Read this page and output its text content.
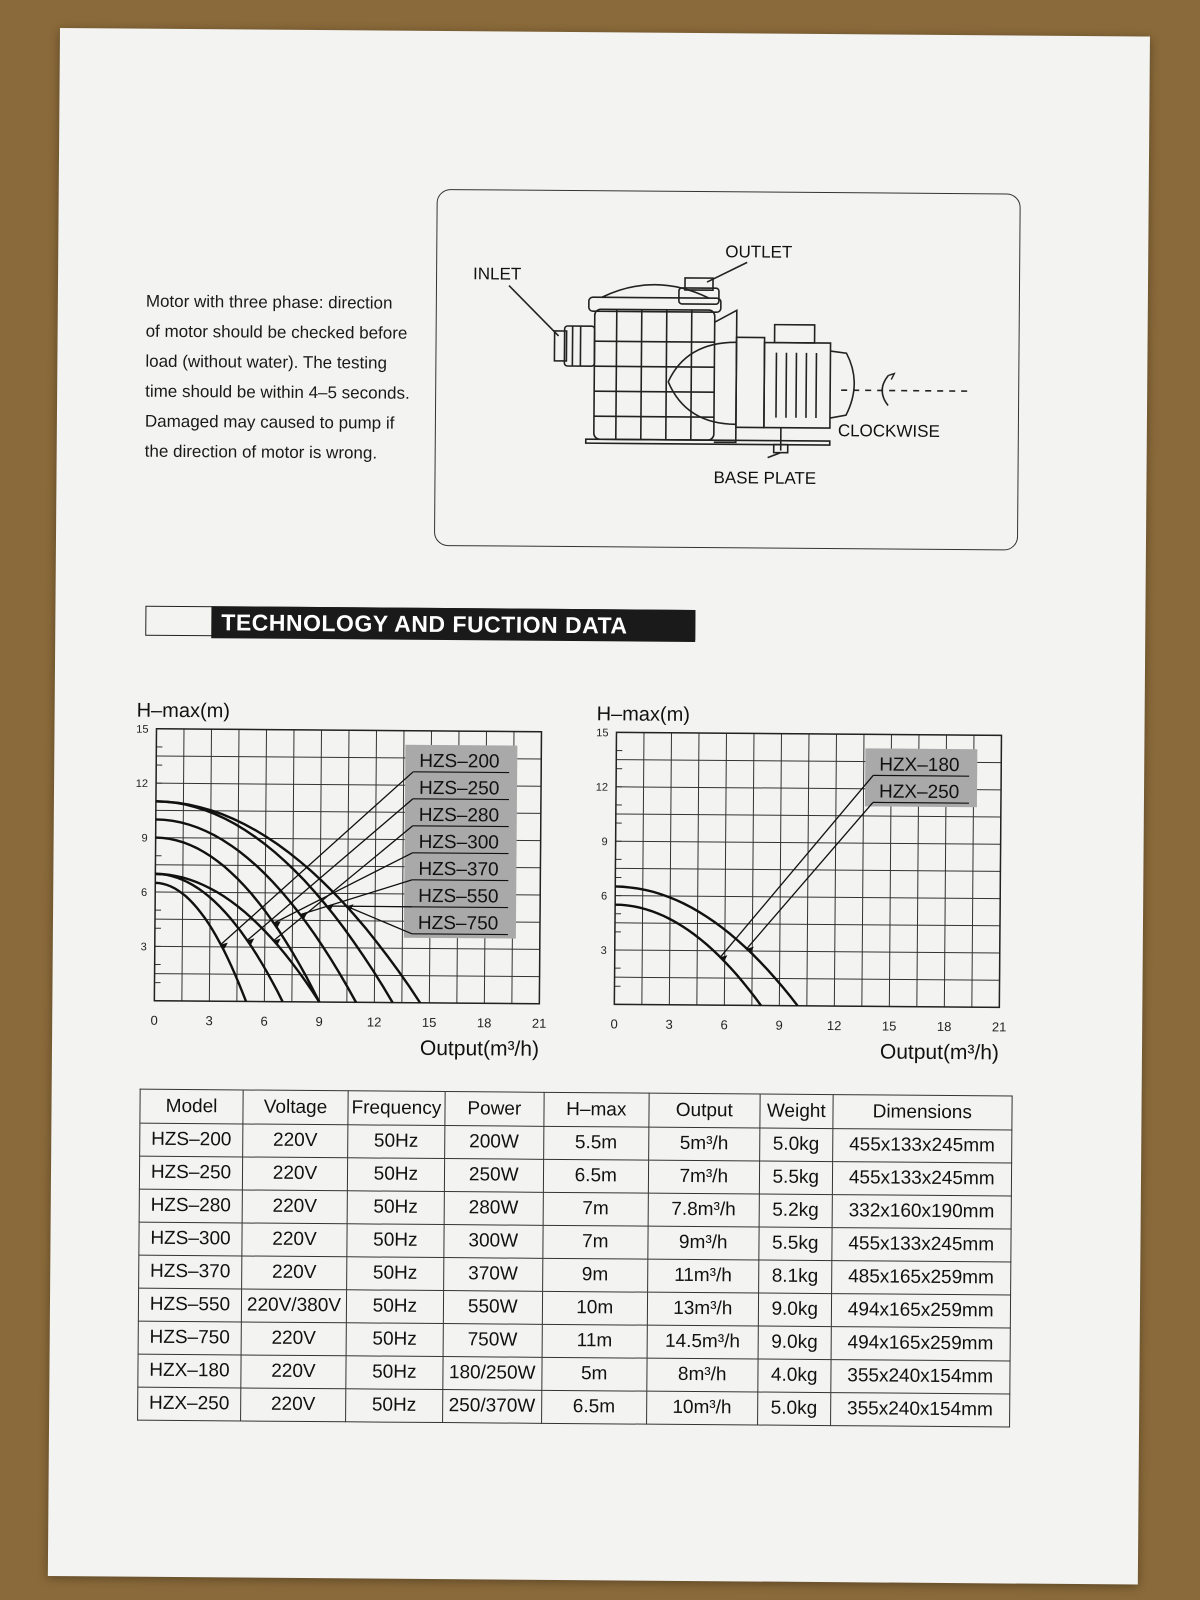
Motor with three phase: direction

of motor should be checked before

load (without water). The testing

time should be within 4–5 seconds.

Damaged may caused to pump if

the direction of motor is wrong.

INLET
OUTLET
CLOCKWISE
BASE PLATE
TECHNOLOGY AND FUCTION DATA
H–max(m)
Output(m³/h)
0	3	6	9	12	15	18	21
3
6
9
12
15
HZS–200
HZS–250
HZS–280
HZS–300
HZS–370
HZS–550
HZS–750
H–max(m)
Output(m³/h)
0	3	6	9	12	15	18	21
3
6
9
12
15
HZX–180
HZX–250
Model	Voltage	Frequency	Power	H–max	Output	Weight	Dimensions
HZS–200	220V	50Hz	200W	5.5m	5m³/h	5.0kg	455x133x245mm
HZS–250	220V	50Hz	250W	6.5m	7m³/h	5.5kg	455x133x245mm
HZS–280	220V	50Hz	280W	7m	7.8m³/h	5.2kg	332x160x190mm
HZS–300	220V	50Hz	300W	7m	9m³/h	5.5kg	455x133x245mm
HZS–370	220V	50Hz	370W	9m	11m³/h	8.1kg	485x165x259mm
HZS–550	220V/380V	50Hz	550W	10m	13m³/h	9.0kg	494x165x259mm
HZS–750	220V	50Hz	750W	11m	14.5m³/h	9.0kg	494x165x259mm
HZX–180	220V	50Hz	180/250W	5m	8m³/h	4.0kg	355x240x154mm
HZX–250	220V	50Hz	250/370W	6.5m	10m³/h	5.0kg	355x240x154mm
